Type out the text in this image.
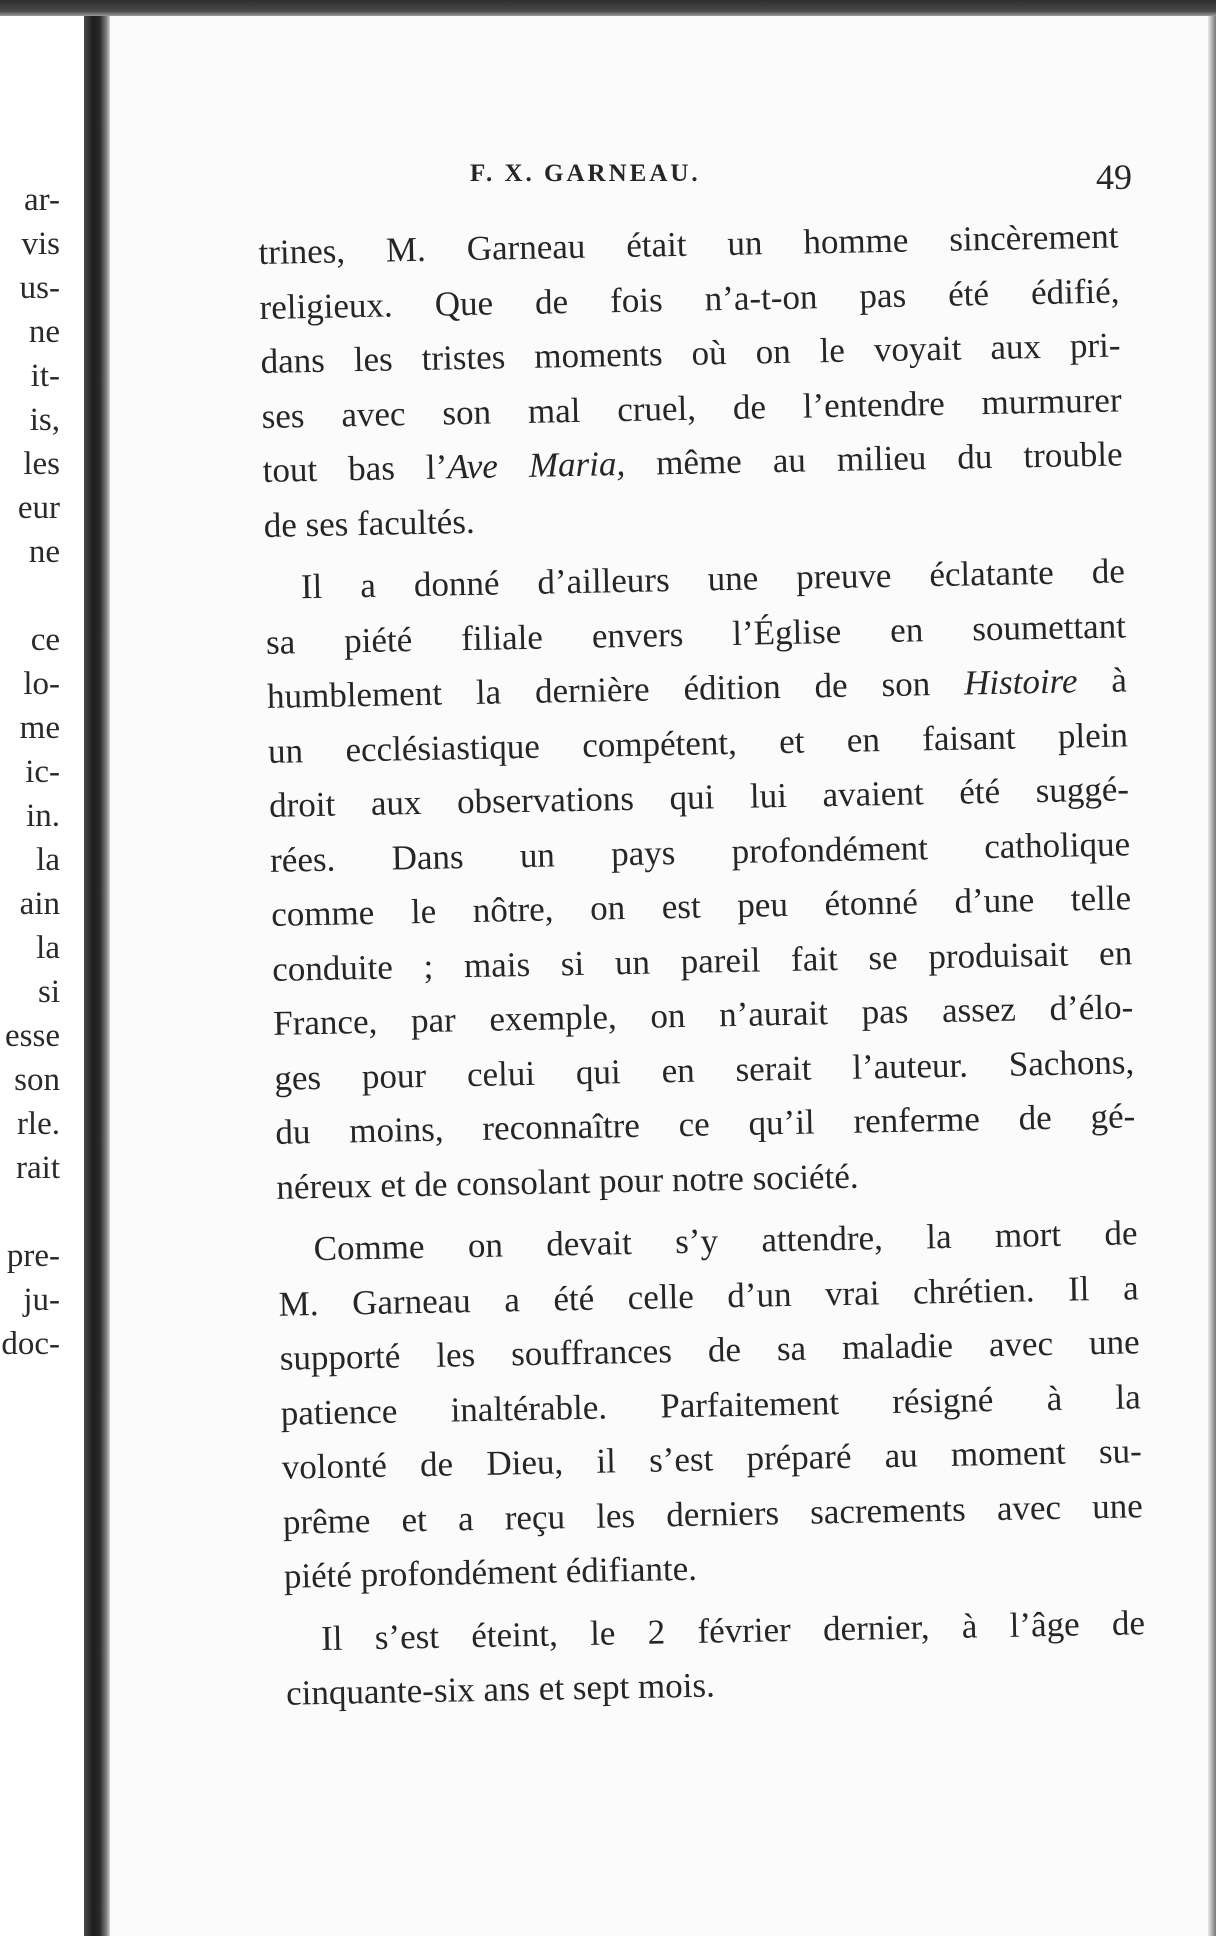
ar-
vis
us-
ne
it-
is,
les
eur
ne
ce
lo-
me
ic-
in.
la
ain
la
si
esse
son
rle.
rait
pre-
ju-
doc-
F. X. GARNEAU.	49
trines, M. Garneau était un homme sincèrement
religieux. Que de fois n’a-t-on pas été édifié,
dans les tristes moments où on le voyait aux pri-
ses avec son mal cruel, de l’entendre murmurer
tout bas l’Ave Maria, même au milieu du trouble
de ses facultés.
Il a donné d’ailleurs une preuve éclatante de
sa piété filiale envers l’Église en soumettant
humblement la dernière édition de son Histoire à
un ecclésiastique compétent, et en faisant plein
droit aux observations qui lui avaient été suggé-
rées. Dans un pays profondément catholique
comme le nôtre, on est peu étonné d’une telle
conduite ; mais si un pareil fait se produisait en
France, par exemple, on n’aurait pas assez d’élo-
ges pour celui qui en serait l’auteur. Sachons,
du moins, reconnaître ce qu’il renferme de gé-
néreux et de consolant pour notre société.
Comme on devait s’y attendre, la mort de
M. Garneau a été celle d’un vrai chrétien. Il a
supporté les souffrances de sa maladie avec une
patience inaltérable. Parfaitement résigné à la
volonté de Dieu, il s’est préparé au moment su-
prême et a reçu les derniers sacrements avec une
piété profondément édifiante.
Il s’est éteint, le 2 février dernier, à l’âge de
cinquante-six ans et sept mois.
